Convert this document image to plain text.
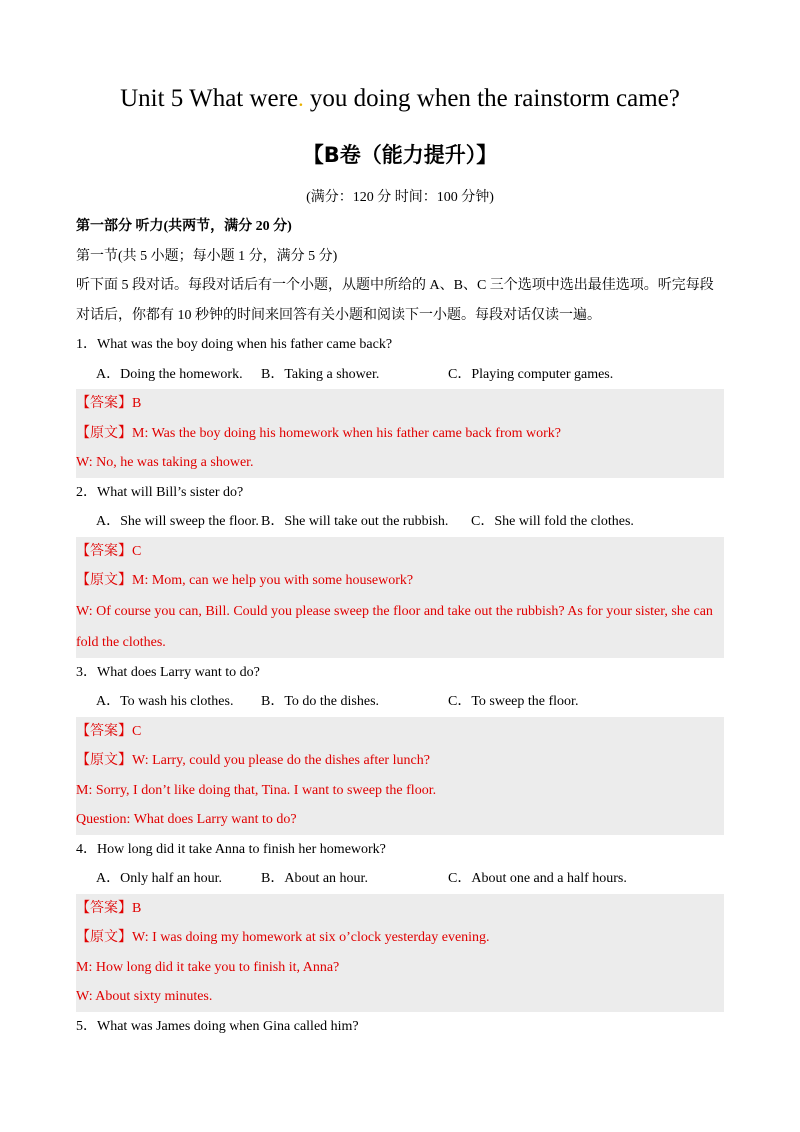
Unit 5 What were. you doing when the rainstorm came?
【B卷（能力提升）】
(满分：120 分 时间：100 分钟)
第一部分 听力(共两节，满分 20 分)
第一节(共 5 小题；每小题 1 分，满分 5 分)
听下面 5 段对话。每段对话后有一个小题，从题中所给的 A、B、C 三个选项中选出最佳选项。听完每段对话后，你都有 10 秒钟的时间来回答有关小题和阅读下一小题。每段对话仅读一遍。
1．What was the boy doing when his father came back?
A．Doing the homework. B．Taking a shower.	C．Playing computer games.
【答案】B
【原文】M: Was the boy doing his homework when his father came back from work?
W: No, he was taking a shower.
2．What will Bill’s sister do?
A．She will sweep the floor. B．She will take out the rubbish. C．She will fold the clothes.
【答案】C
【原文】M: Mom, can we help you with some housework?
W: Of course you can, Bill. Could you please sweep the floor and take out the rubbish? As for your sister, she can fold the clothes.
3．What does Larry want to do?
A．To wash his clothes. B．To do the dishes.	C．To sweep the floor.
【答案】C
【原文】W: Larry, could you please do the dishes after lunch?
M: Sorry, I don’t like doing that, Tina. I want to sweep the floor.
Question: What does Larry want to do?
4．How long did it take Anna to finish her homework?
A．Only half an hour.	B．About an hour.	C．About one and a half hours.
【答案】B
【原文】W: I was doing my homework at six o’clock yesterday evening.
M: How long did it take you to finish it, Anna?
W: About sixty minutes.
5．What was James doing when Gina called him?
